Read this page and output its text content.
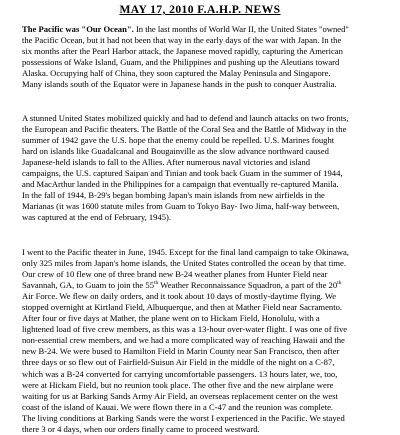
MAY 17, 2010 F.A.H.P. NEWS

The Pacific was "Our Ocean". In the last months of World War II, the United States "owned"
the Pacific Ocean, but it had not been that way in the early days of the war with Japan. In the
six months after the Pearl Harbor attack, the Japanese moved rapidly, capturing the American
possessions of Wake Island, Guam, and the Philippines and pushing up the Aleutians toward
Alaska. Occupying half of China, they soon captured the Malay Peninsula and Singapore.
Many islands south of the Equator were in Japanese hands in the push to conquer Australia.

A stunned United States mobilized quickly and had to defend and launch attacks on two fronts,
the European and Pacific theaters. The Battle of the Coral Sea and the Battle of Midway in the
summer of 1942 gave the U.S. hope that the enemy could be repelled. U.S. Marines fought
hard on islands like Guadalcanal and Bougainville as the slow advance northward caused
Japanese-held islands to fall to the Allies. After numerous naval victories and island
campaigns, the U.S. captured Saipan and Tinian and took back Guam in the summer of 1944,
and MacArthur landed in the Philippines for a campaign that eventually re-captured Manila.
In the fall of 1944, B-29's began bombing Japan's main islands from new airfields in the
Marianas (it was 1600 statute miles from Guam to Tokyo Bay- Iwo Jima, half-way between,
was captured at the end of February, 1945).

I went to the Pacific theater in June, 1945. Except for the final land campaign to take Okinawa,
only 325 miles from Japan's home islands, the United States controlled the ocean by that time.
Our crew of 10 flew one of three brand new B-24 weather planes from Hunter Field near
Savannah, GA, to Guam to join the 55th Weather Reconnaissance Squadron, a part of the 20th
Air Force. We flew on daily orders, and it took about 10 days of mostly-daytime flying. We
stopped overnight at Kirtland Field, Albuquerque, and then at Mather Field near Sacramento.
After four or five days at Mather, the plane went on to Hickam Field, Honolulu, with a
lightened load of five crew members, as this was a 13-hour over-water flight. I was one of five
non-essential crew members, and we had a more complicated way of reaching Hawaii and the
new B-24. We were bused to Hamilton Field in Marin County near San Francisco, then after
three days or so flew out of Fairfield-Suisun Air Field in the middle of the night on a C-87,
which was a B-24 converted for carrying uncomfortable passengers. 13 hours later, we, too,
were at Hickam Field, but no reunion took place. The other five and the new airplane were
waiting for us at Barking Sands Army Air Field, an overseas replacement center on the west
coast of the island of Kauai. We were flown there in a C-47 and the reunion was complete.
The living conditions at Barking Sands were the worst I experienced in the Pacific. We stayed
there 3 or 4 days, when our orders finally came to proceed westward.
